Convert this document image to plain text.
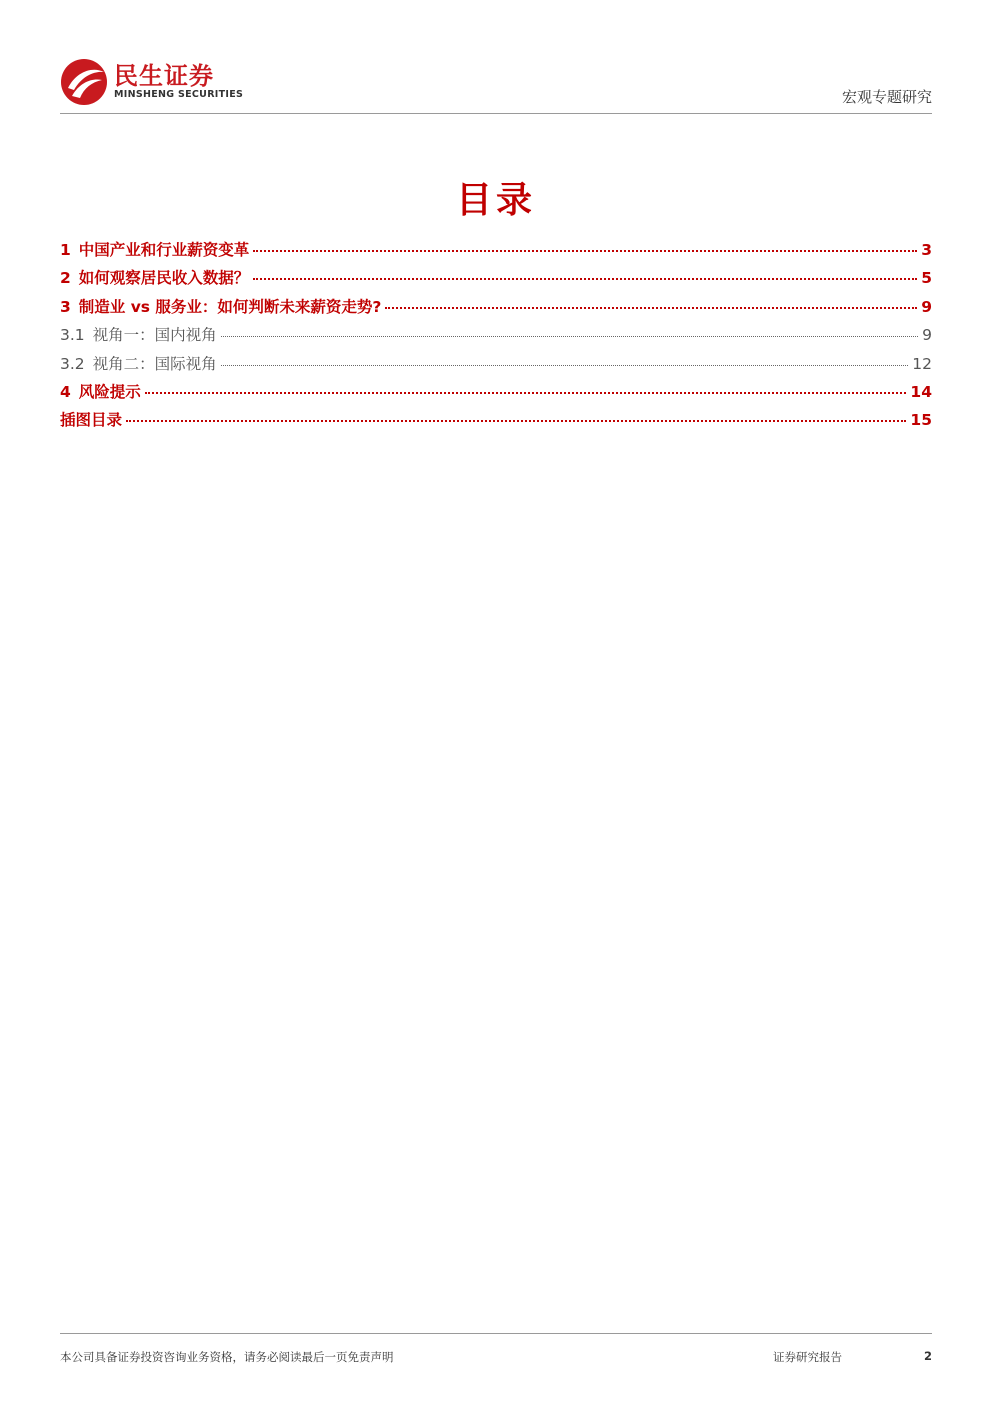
民生证券
MINSHENG SECURITIES	宏观专题研究
目录
1 中国产业和行业薪资变革	3
2 如何观察居民收入数据？	5
3 制造业 vs 服务业：如何判断未来薪资走势?	9
3.1 视角一：国内视角	9
3.2 视角二：国际视角	12
4 风险提示	14
插图目录	15
本公司具备证券投资咨询业务资格，请务必阅读最后一页免责声明	证券研究报告	2
